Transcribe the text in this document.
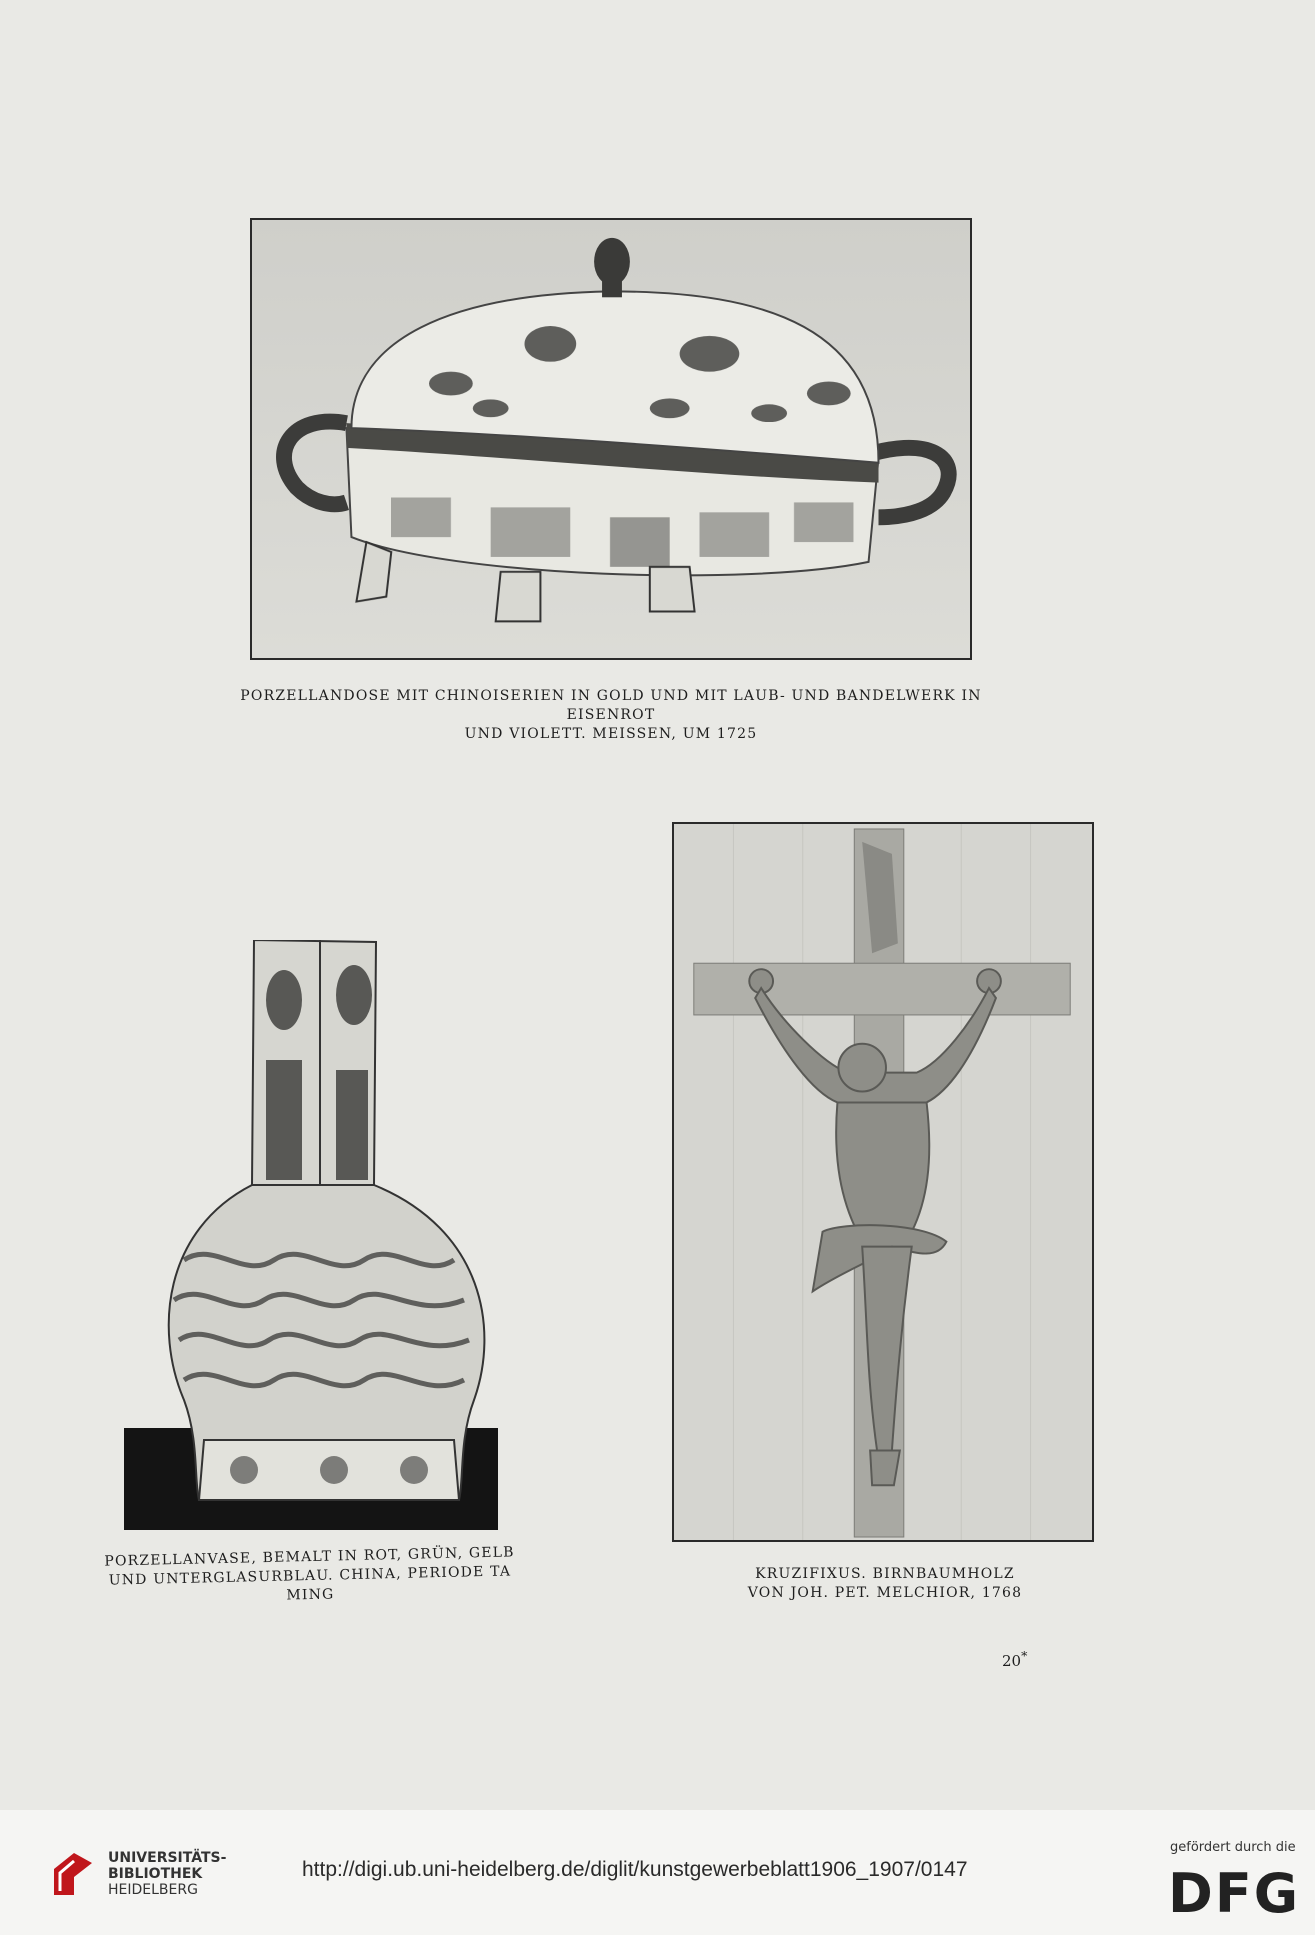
PORZELLANDOSE MIT CHINOISERIEN IN GOLD UND MIT LAUB- UND BANDELWERK IN EISENROT
UND VIOLETT. MEISSEN, UM 1725
PORZELLANVASE, BEMALT IN ROT, GRÜN, GELB
UND UNTERGLASURBLAU. CHINA, PERIODE TA MING
KRUZIFIXUS. BIRNBAUMHOLZ
VON JOH. PET. MELCHIOR, 1768
20*
UNIVERSITÄTS-
BIBLIOTHEK
HEIDELBERG
http://digi.ub.uni-heidelberg.de/diglit/kunstgewerbeblatt1906_1907/0147
gefördert durch die
DFG
